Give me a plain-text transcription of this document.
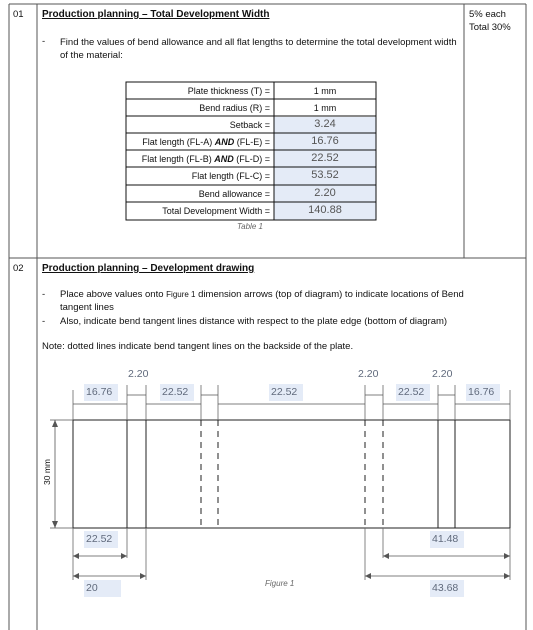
01 Production planning – Total Development Width	5% each
Total 30%
- Find the values of bend allowance and all flat lengths to determine the total development width of the material:
Plate thickness (T) =	1 mm
Bend radius (R) =	1 mm
Setback =	3.24
Flat length (FL-A) AND (FL-E) =	16.76
Flat length (FL-B) AND (FL-D) =	22.52
Flat length (FL-C) =	53.52
Bend allowance =	2.20
Total Development Width =	140.88
Table 1
02 Production planning – Development drawing
- Place above values onto Figure 1 dimension arrows (top of diagram) to indicate locations of Bend
tangent lines
- Also, indicate bend tangent lines distance with respect to the plate edge (bottom of diagram)
Note: dotted lines indicate bend tangent lines on the backside of the plate.
2.20	2.20	2.20
16.76	22.52	22.52	22.52	16.76
30 mm
22.52
20
41.48
43.68
Figure 1
